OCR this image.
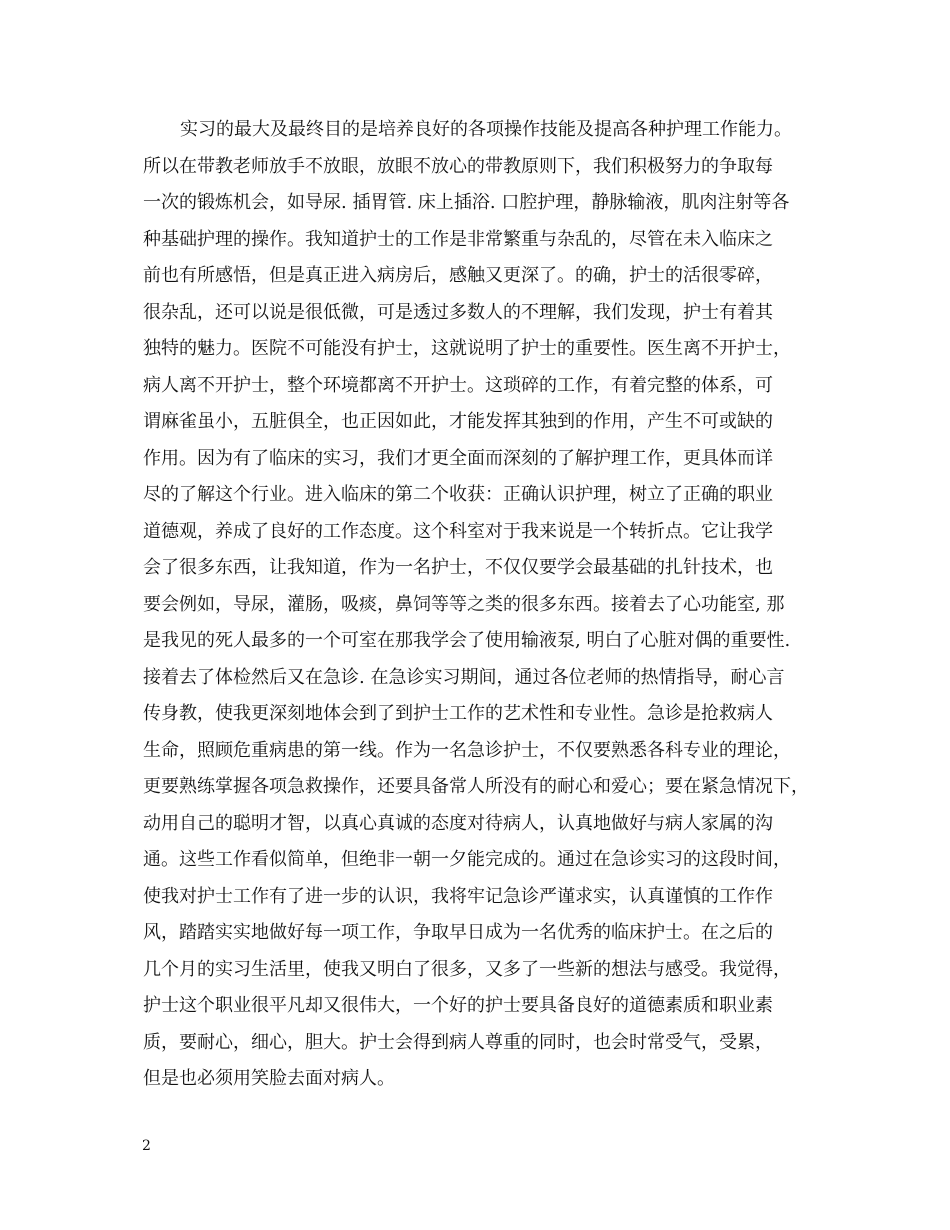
实习的最大及最终目的是培养良好的各项操作技能及提高各种护理工作能力。
所以在带教老师放手不放眼，放眼不放心的带教原则下，我们积极努力的争取每
一次的锻炼机会，如导尿. 插胃管. 床上插浴. 口腔护理，静脉输液，肌肉注射等各
种基础护理的操作。我知道护士的工作是非常繁重与杂乱的，尽管在未入临床之
前也有所感悟，但是真正进入病房后，感触又更深了。的确，护士的活很零碎，
很杂乱，还可以说是很低微，可是透过多数人的不理解，我们发现，护士有着其
独特的魅力。医院不可能没有护士，这就说明了护士的重要性。医生离不开护士，
病人离不开护士，整个环境都离不开护士。这琐碎的工作，有着完整的体系，可
谓麻雀虽小，五脏俱全，也正因如此，才能发挥其独到的作用，产生不可或缺的
作用。因为有了临床的实习，我们才更全面而深刻的了解护理工作，更具体而详
尽的了解这个行业。进入临床的第二个收获：正确认识护理，树立了正确的职业
道德观，养成了良好的工作态度。这个科室对于我来说是一个转折点。它让我学
会了很多东西，让我知道，作为一名护士，不仅仅要学会最基础的扎针技术，也
要会例如，导尿，灌肠，吸痰，鼻饲等等之类的很多东西。接着去了心功能室, 那
是我见的死人最多的一个可室在那我学会了使用输液泵, 明白了心脏对偶的重要性.
接着去了体检然后又在急诊. 在急诊实习期间，通过各位老师的热情指导，耐心言
传身教，使我更深刻地体会到了到护士工作的艺术性和专业性。急诊是抢救病人
生命，照顾危重病患的第一线。作为一名急诊护士，不仅要熟悉各科专业的理论，
更要熟练掌握各项急救操作，还要具备常人所没有的耐心和爱心；要在紧急情况下，
动用自己的聪明才智，以真心真诚的态度对待病人，认真地做好与病人家属的沟
通。这些工作看似简单，但绝非一朝一夕能完成的。通过在急诊实习的这段时间，
使我对护士工作有了进一步的认识，我将牢记急诊严谨求实，认真谨慎的工作作
风，踏踏实实地做好每一项工作，争取早日成为一名优秀的临床护士。在之后的
几个月的实习生活里，使我又明白了很多，又多了一些新的想法与感受。我觉得，
护士这个职业很平凡却又很伟大，一个好的护士要具备良好的道德素质和职业素
质，要耐心，细心，胆大。护士会得到病人尊重的同时，也会时常受气，受累，
但是也必须用笑脸去面对病人。
2
